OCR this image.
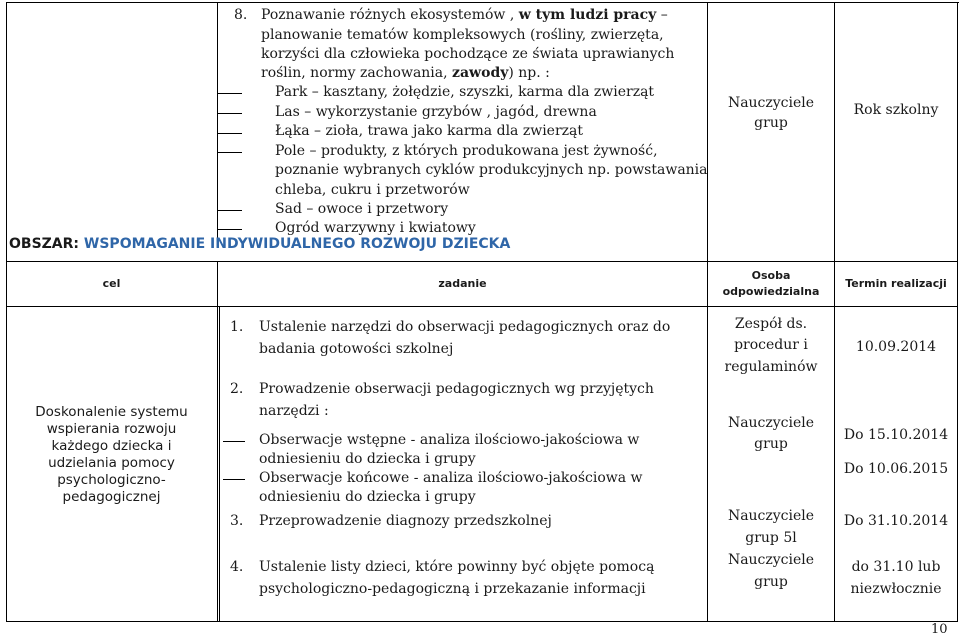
8. Poznawanie różnych ekosystemów , w tym ludzi pracy –
planowanie tematów kompleksowych (rośliny, zwierzęta,
korzyści dla człowieka pochodzące ze świata uprawianych
roślin, normy zachowania, zawody) np. :
Park – kasztany, żołędzie, szyszki, karma dla zwierząt
Las – wykorzystanie grzybów , jagód, drewna
Łąka – zioła, trawa jako karma dla zwierząt
Pole – produkty, z których produkowana jest żywność,
poznanie wybranych cyklów produkcyjnych np. powstawania
chleba, cukru i przetworów
Sad – owoce i przetwory
Ogród warzywny i kwiatowy
Nauczyciele
grup
Rok szkolny
OBSZAR: WSPOMAGANIE INDYWIDUALNEGO ROZWOJU DZIECKA
cel	zadanie
Osoba
odpowiedzialna
Termin realizacji
Doskonalenie systemu
wspierania rozwoju
każdego dziecka i
udzielania pomocy
psychologiczno-
pedagogicznej
1. Ustalenie narzędzi do obserwacji pedagogicznych oraz do
badania gotowości szkolnej
2. Prowadzenie obserwacji pedagogicznych wg przyjętych
narzędzi :
Obserwacje wstępne - analiza ilościowo-jakościowa w
odniesieniu do dziecka i grupy
Obserwacje końcowe - analiza ilościowo-jakościowa w
odniesieniu do dziecka i grupy
3. Przeprowadzenie diagnozy przedszkolnej
4. Ustalenie listy dzieci, które powinny być objęte pomocą
psychologiczno-pedagogiczną i przekazanie informacji
Zespół ds.
procedur i
regulaminów
Nauczyciele
grup
Nauczyciele
grup 5l
Nauczyciele
grup
10.09.2014
Do 15.10.2014
Do 10.06.2015
Do 31.10.2014
do 31.10 lub
niezwłocznie
10
